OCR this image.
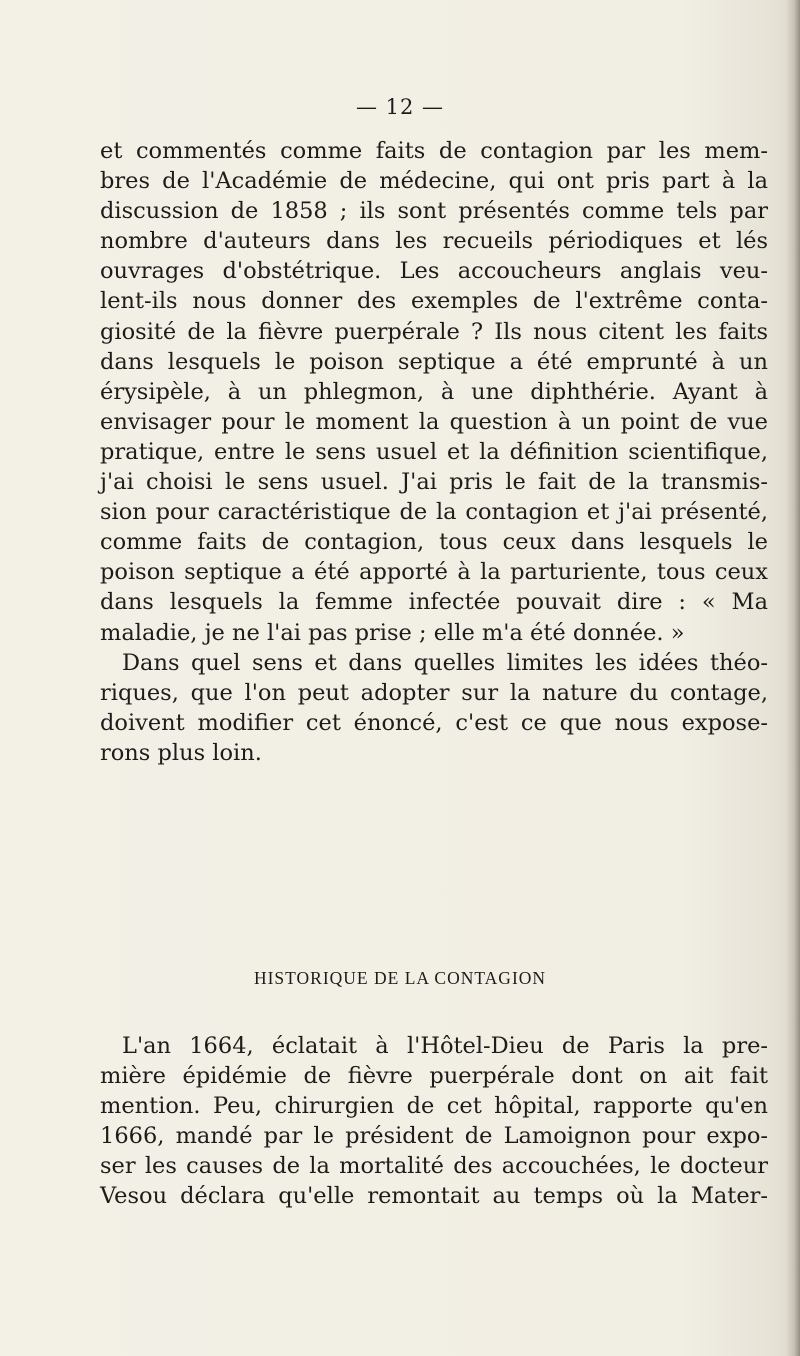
— 12 —
et commentés comme faits de contagion par les mem-
bres de l'Académie de médecine, qui ont pris part à la
discussion de 1858 ; ils sont présentés comme tels par
nombre d'auteurs dans les recueils périodiques et lés
ouvrages d'obstétrique. Les accoucheurs anglais veu-
lent-ils nous donner des exemples de l'extrême conta-
giosité de la fièvre puerpérale ? Ils nous citent les faits
dans lesquels le poison septique a été emprunté à un
érysipèle, à un phlegmon, à une diphthérie. Ayant à
envisager pour le moment la question à un point de vue
pratique, entre le sens usuel et la définition scientifique,
j'ai choisi le sens usuel. J'ai pris le fait de la transmis-
sion pour caractéristique de la contagion et j'ai présenté,
comme faits de contagion, tous ceux dans lesquels le
poison septique a été apporté à la parturiente, tous ceux
dans lesquels la femme infectée pouvait dire : « Ma
maladie, je ne l'ai pas prise ; elle m'a été donnée. »
Dans quel sens et dans quelles limites les idées théo-
riques, que l'on peut adopter sur la nature du contage,
doivent modifier cet énoncé, c'est ce que nous expose-
rons plus loin.
HISTORIQUE DE LA CONTAGION
L'an 1664, éclatait à l'Hôtel-Dieu de Paris la pre-
mière épidémie de fièvre puerpérale dont on ait fait
mention. Peu, chirurgien de cet hôpital, rapporte qu'en
1666, mandé par le président de Lamoignon pour expo-
ser les causes de la mortalité des accouchées, le docteur
Vesou déclara qu'elle remontait au temps où la Mater-
